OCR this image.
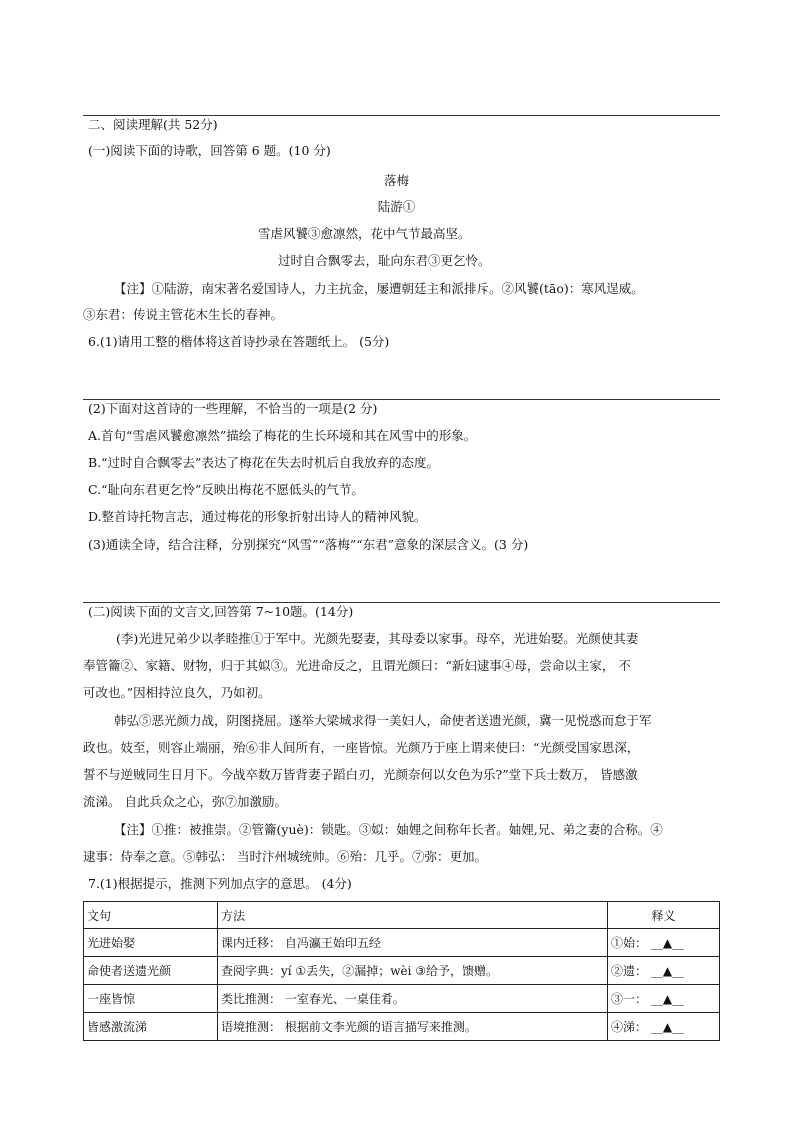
二、阅读理解(共 52分)
(一)阅读下面的诗歌，回答第 6 题。(10 分)
落梅
陆游①
雪虐风饕③愈凛然，花中气节最高坚。
过时自合飘零去，耻向东君③更乞怜。
【注】①陆游，南宋著名爱国诗人，力主抗金，屡遭朝廷主和派排斥。②风饕(tāo)：寒风逞威。
③东君：传说主管花木生长的春神。
6.(1)请用工整的楷体将这首诗抄录在答题纸上。 (5分)
(2)下面对这首诗的一些理解，不恰当的一项是(2 分)
A.首句“雪虐风饕愈凛然”描绘了梅花的生长环境和其在风雪中的形象。
B.“过时自合飘零去”表达了梅花在失去时机后自我放弃的态度。
C.“耻向东君更乞怜”反映出梅花不愿低头的气节。
D.整首诗托物言志，通过梅花的形象折射出诗人的精神风貌。
(3)通读全诗，结合注释，分别探究“风雪”“落梅”“东君”意象的深层含义。(3 分)
(二)阅读下面的文言文,回答第 7~10题。(14分)
(李)光进兄弟少以孝睦推①于军中。光颜先娶妻，其母委以家事。母卒，光进始娶。光颜使其妻
奉管籥②、家籍、财物，归于其姒③。光进命反之，且谓光颜曰：“新妇逮事④母，尝命以主家， 不
可改也。”因相持泣良久，乃如初。
韩弘⑤恶光颜力战，阴图挠屈。遂举大梁城求得一美妇人，命使者送遗光颜，冀一见悦惑而怠于军
政也。妓至，则容止端丽，殆⑥非人间所有，一座皆惊。光颜乃于座上谓来使曰：“光颜受国家恩深，
誓不与逆贼同生日月下。今战卒数万皆背妻子蹈白刃，光颜奈何以女色为乐?”堂下兵士数万， 皆感激
流涕。 自此兵众之心，弥⑦加激励。
【注】①推：被推崇。②管籥(yuè)：锁匙。③姒：妯娌之间称年长者。妯娌,兄、弟之妻的合称。④
逮事：侍奉之意。⑤韩弘： 当时汴州城统帅。⑥殆：几乎。⑦弥：更加。
7.(1)根据提示，推测下列加点字的意思。 (4分)
文句	方法	释义
光进始娶	课内迁移： 自冯瀛王始印五经	①始： __▲__
命使者送遗光颜	查阅字典：yí ①丢失，②漏掉；wèi ③给予，馈赠。	②遗： __▲__
一座皆惊	类比推测： 一室春光、一桌佳肴。	③一： __▲__
皆感激流涕	语境推测： 根据前文李光颜的语言描写来推测。	④涕： __▲__
